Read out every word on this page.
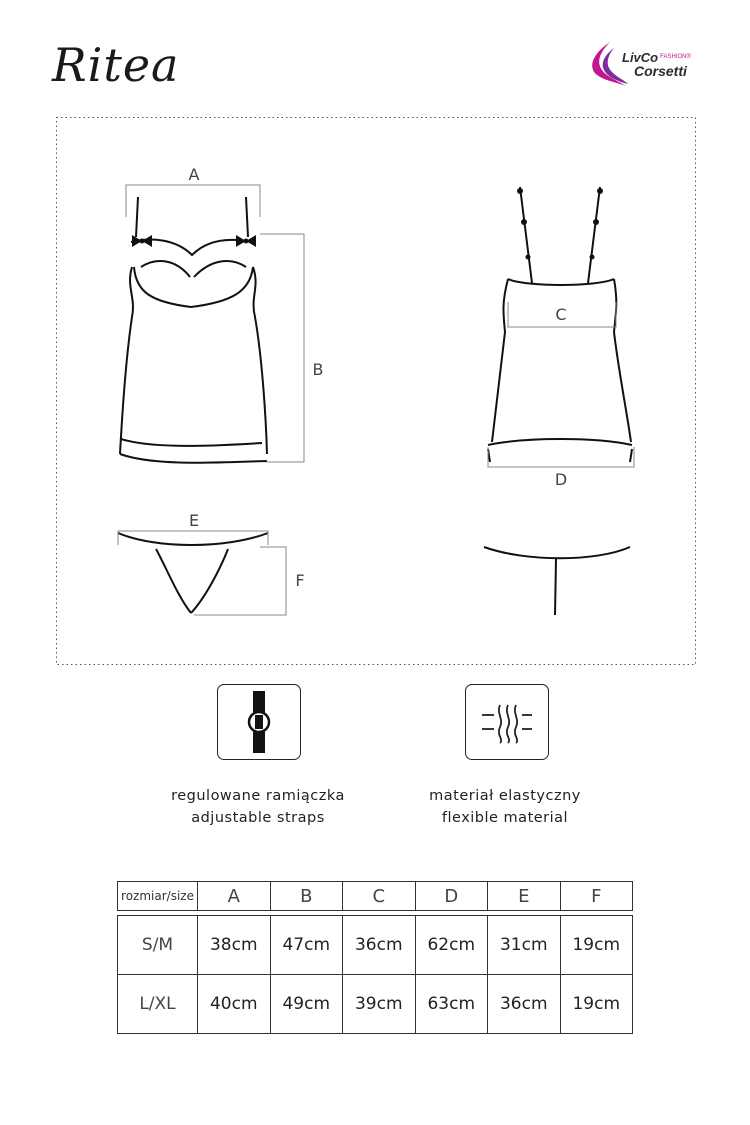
Ritea	LivCo $^{FASHION®}$
Corsetti
A
B
C
D
E
F
regulowane ramiączka
adjustable straps
materiał elastyczny
flexible material
rozmiar/size	A	B	C	D	E	F

S/M	38cm	47cm	36cm	62cm	31cm	19cm
L/XL	40cm	49cm	39cm	63cm	36cm	19cm
